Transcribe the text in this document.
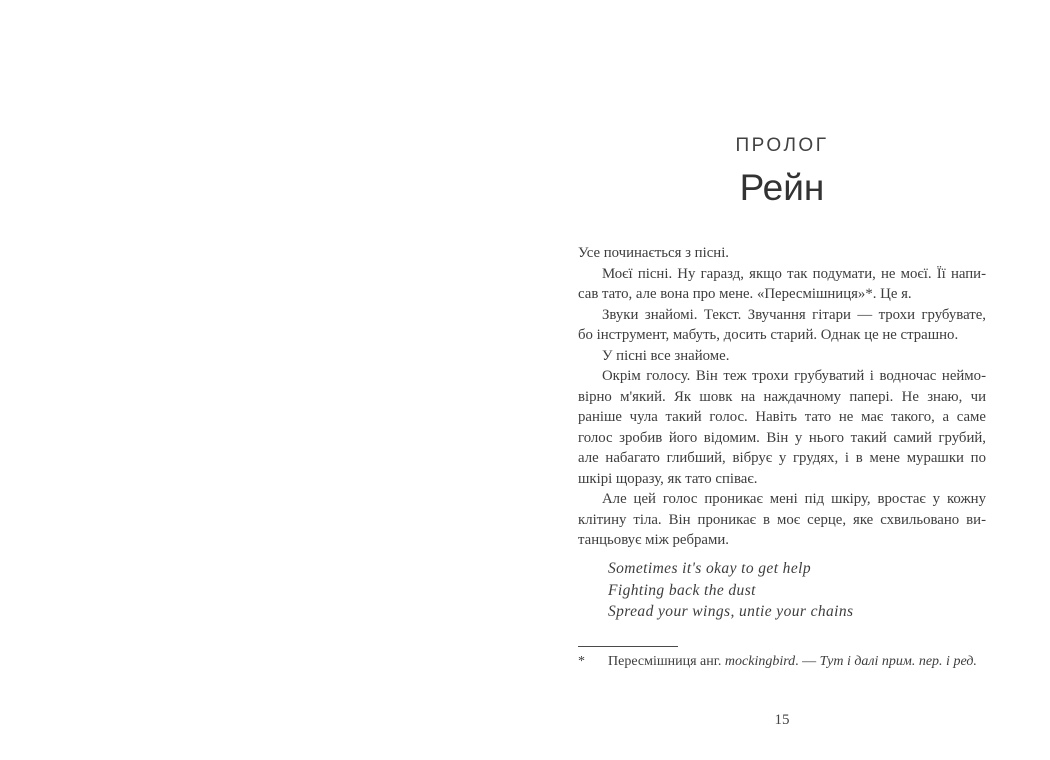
ПРОЛОГ
Рейн
Усе починається з пісні.
Моєї пісні. Ну гаразд, якщо так подумати, не моєї. Її напи-
сав тато, але вона про мене. «Пересмішниця»*. Це я.
Звуки знайомі. Текст. Звучання гітари — трохи грубувате,
бо інструмент, мабуть, досить старий. Однак це не страшно.
У пісні все знайоме.
Окрім голосу. Він теж трохи грубуватий і водночас неймо-
вірно м'який. Як шовк на наждачному папері. Не знаю, чи
раніше чула такий голос. Навіть тато не має такого, а саме
голос зробив його відомим. Він у нього такий самий грубий,
але набагато глибший, вібрує у грудях, і в мене мурашки по
шкірі щоразу, як тато співає.
Але цей голос проникає мені під шкіру, вростає у кожну
клітину тіла. Він проникає в моє серце, яке схвильовано ви-
танцьовує між ребрами.
Sometimes it's okay to get help
Fighting back the dust
Spread your wings, untie your chains
*	Пересмішниця анг. mockingbird. — Тут і далі прим. пер. і ред.
15
